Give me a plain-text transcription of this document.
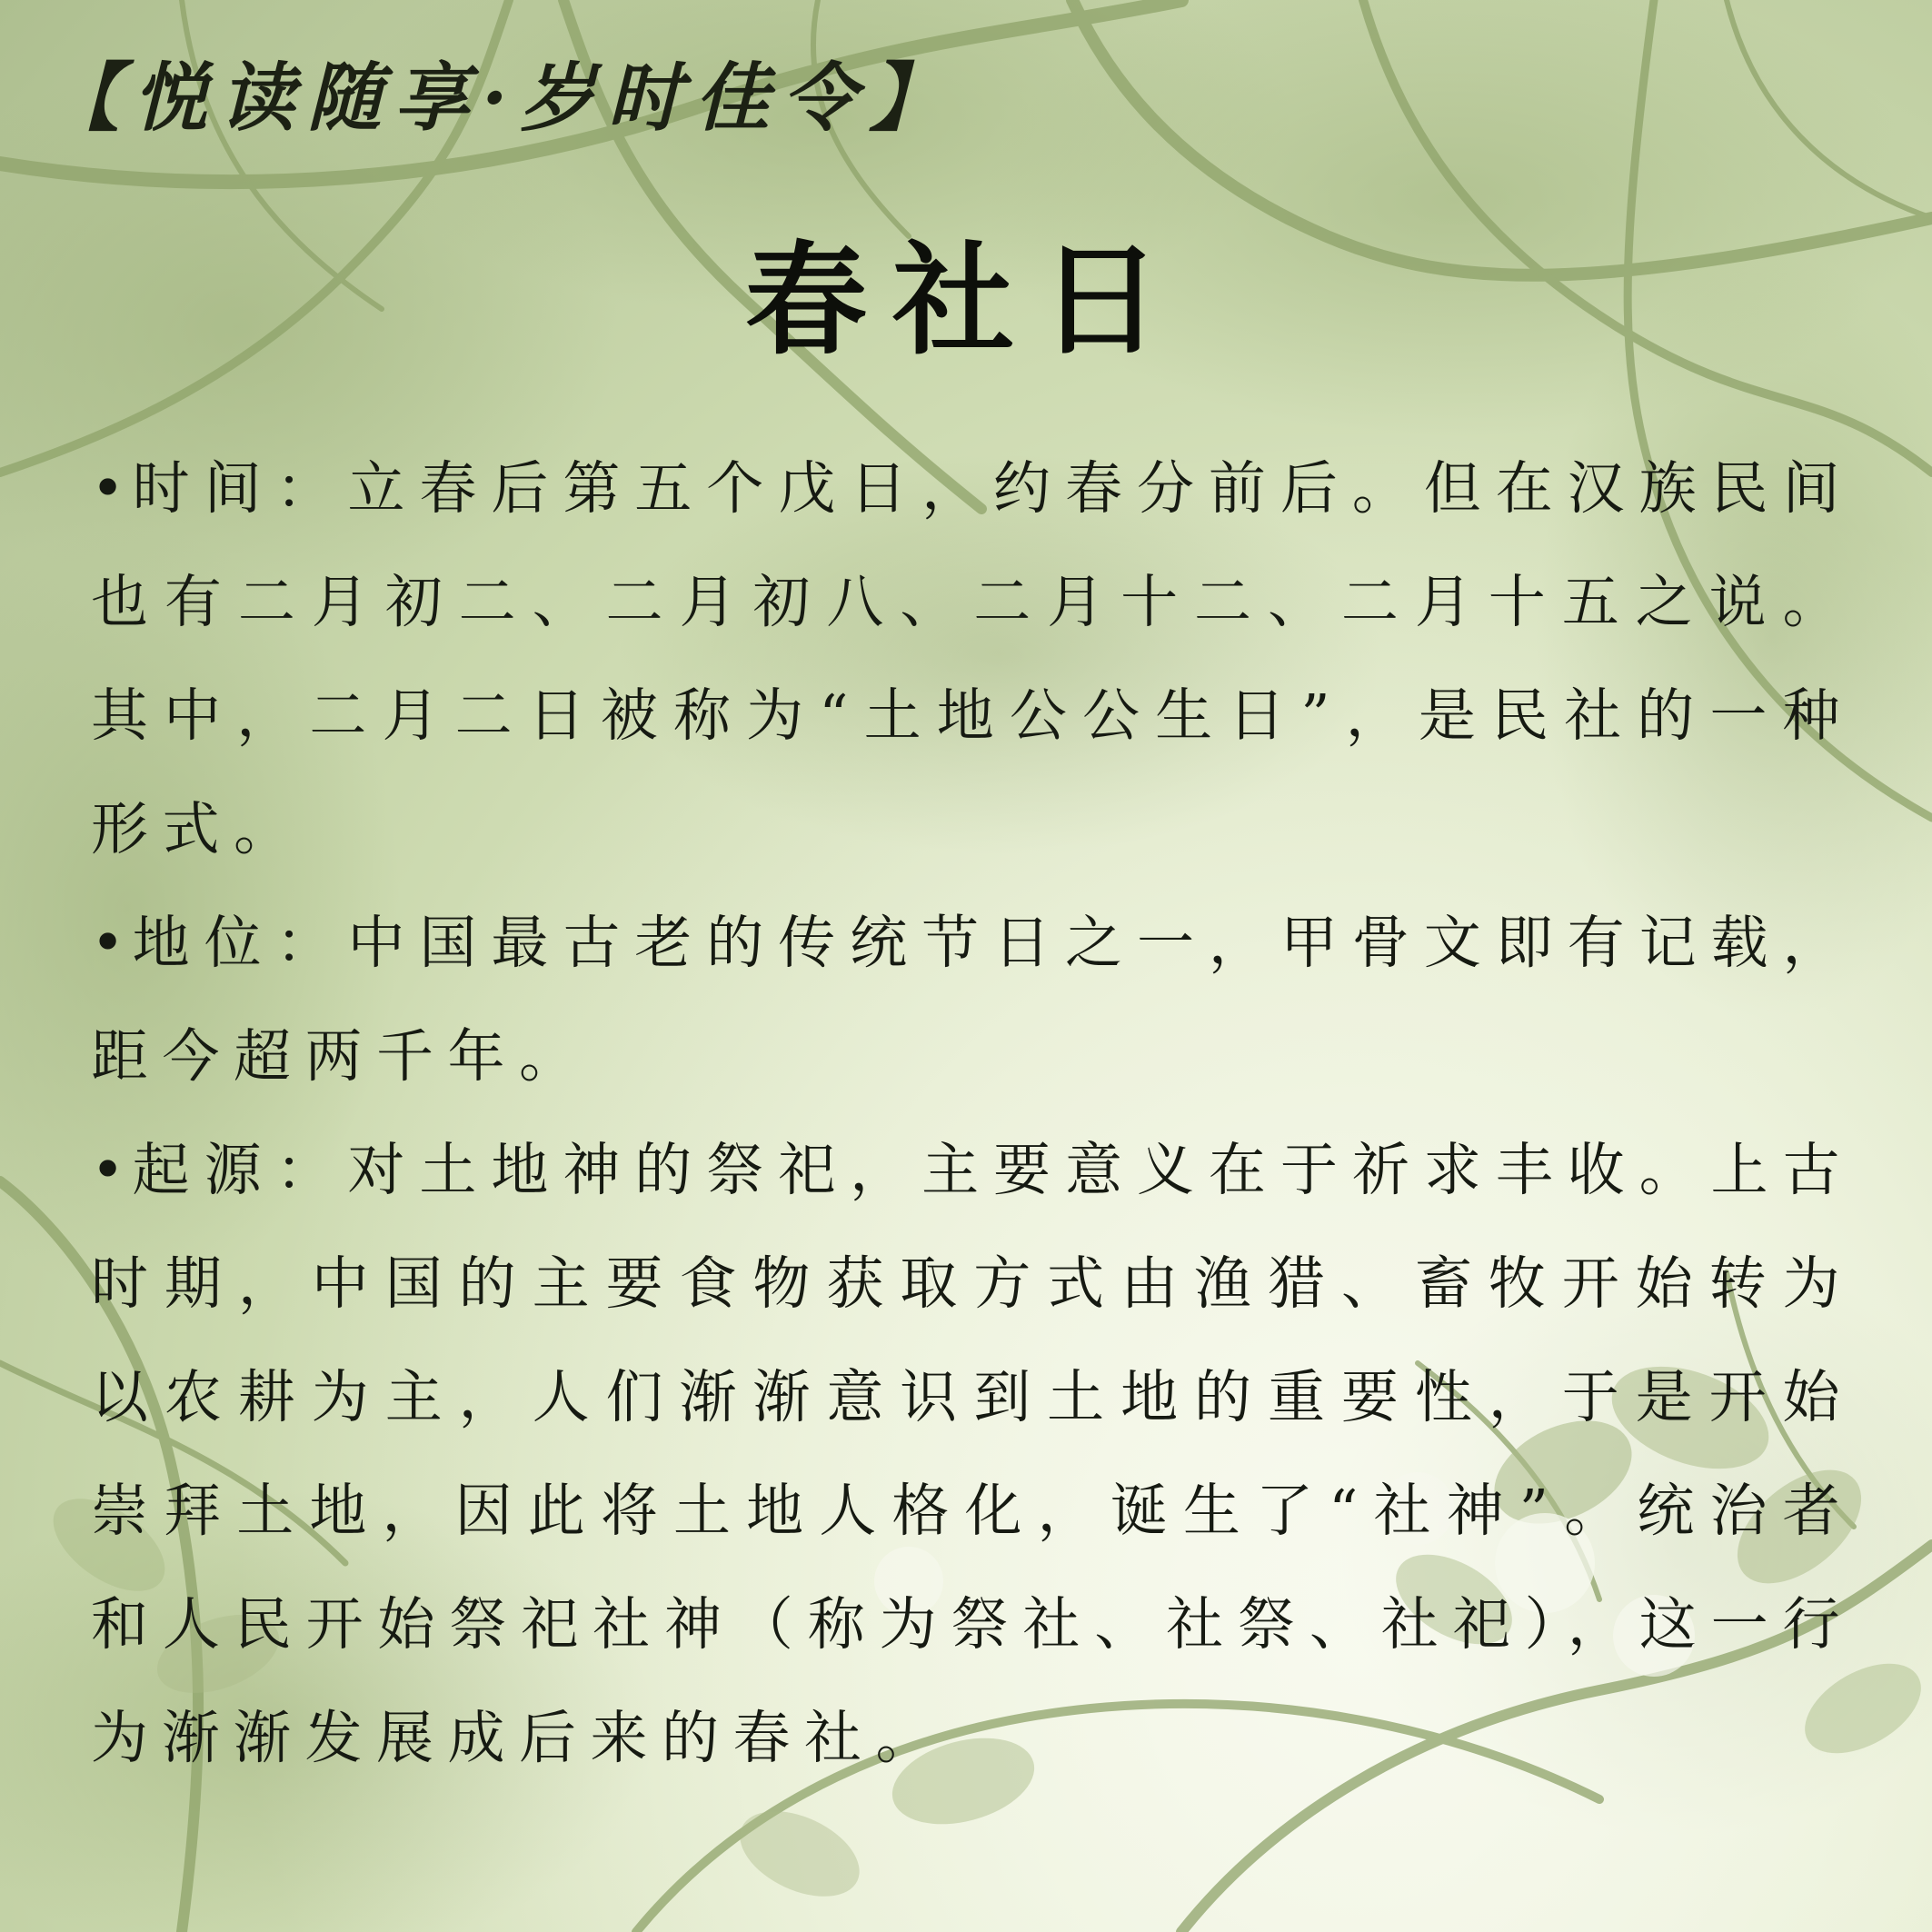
【悦读随享·岁时佳令】
春社日

•时间：立春后第五个戊日，约春分前后。但在汉族民间也有二月初二、二月初八、二月十二、二月十五之说。其中，二月二日被称为“土地公公生日”，是民社的一种形式。

•地位：中国最古老的传统节日之一，甲骨文即有记载，距今超两千年。

•起源：对土地神的祭祀，主要意义在于祈求丰收。上古时期，中国的主要食物获取方式由渔猎、畜牧开始转为以农耕为主，人们渐渐意识到土地的重要性，于是开始崇拜土地，因此将土地人格化，诞生了“社神”。统治者和人民开始祭祀社神（称为祭社、社祭、社祀），这一行为渐渐发展成后来的春社。
